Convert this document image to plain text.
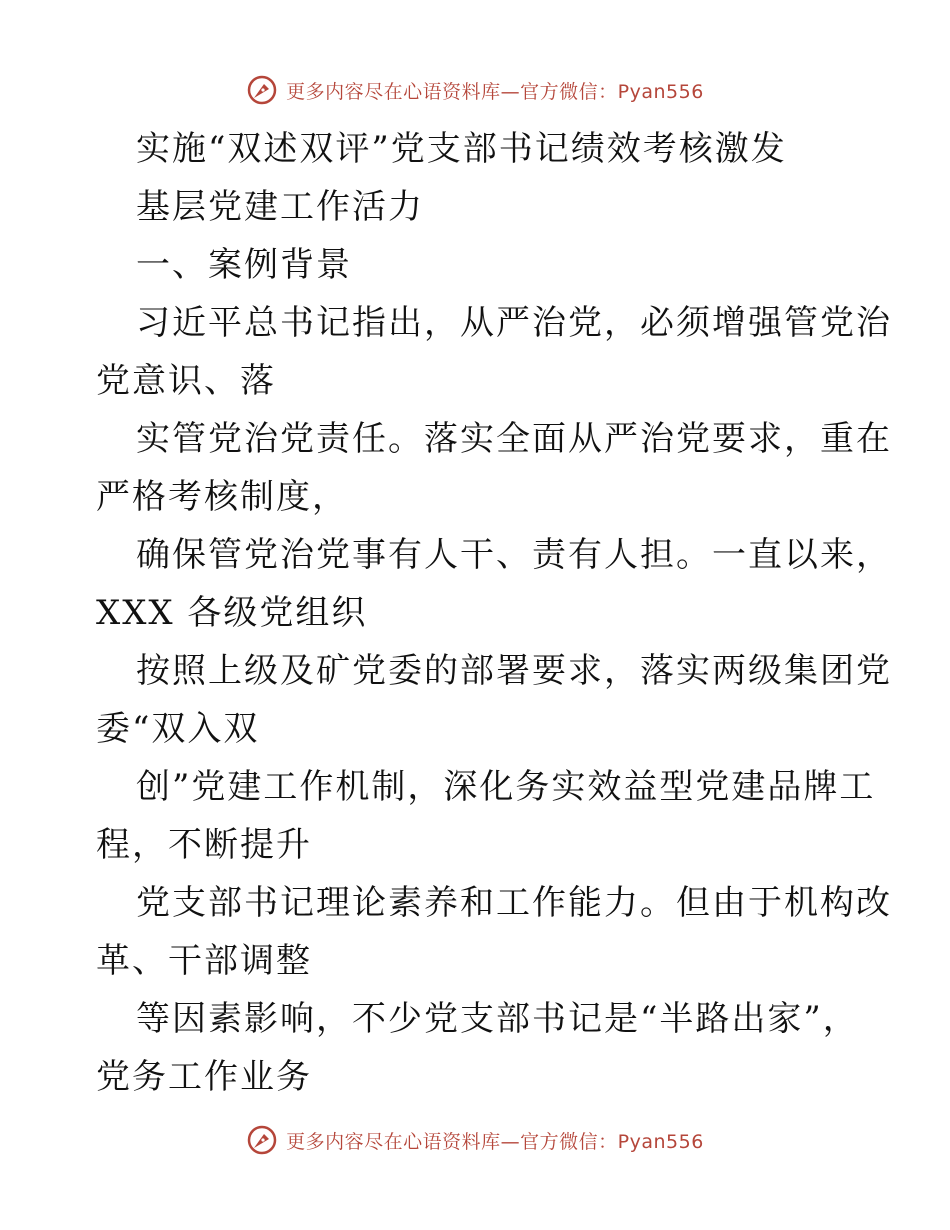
更多内容尽在心语资料库—官方微信：Pyan556
实施“双述双评”党支部书记绩效考核激发
基层党建工作活力
一、案例背景
习近平总书记指出，从严治党，必须增强管党治
党意识、落
实管党治党责任。落实全面从严治党要求，重在
严格考核制度，
确保管党治党事有人干、责有人担。一直以来，
XXX 各级党组织
按照上级及矿党委的部署要求，落实两级集团党
委“双入双
创”党建工作机制，深化务实效益型党建品牌工
程，不断提升
党支部书记理论素养和工作能力。但由于机构改
革、干部调整
等因素影响，不少党支部书记是“半路出家”，
党务工作业务
更多内容尽在心语资料库—官方微信：Pyan556
